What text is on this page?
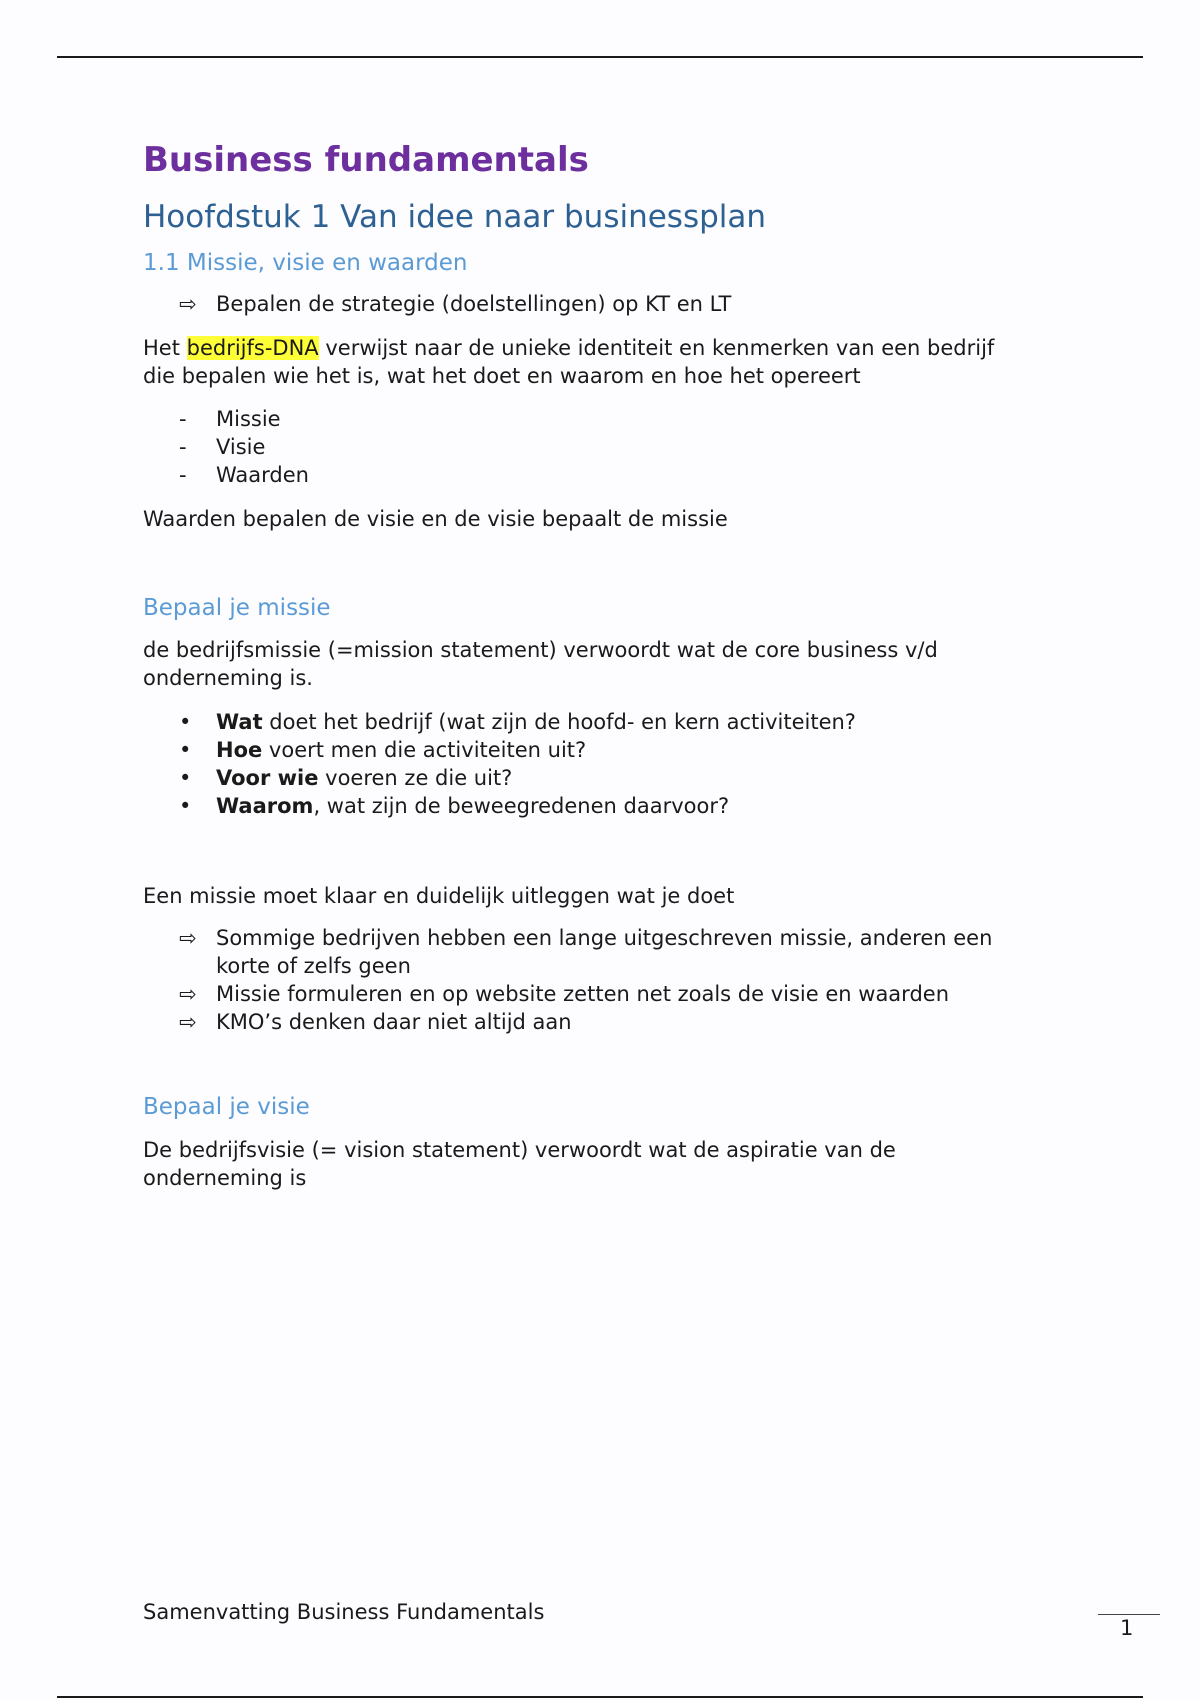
Business fundamentals
Hoofdstuk 1 Van idee naar businessplan
1.1 Missie, visie en waarden
⇨ Bepalen de strategie (doelstellingen) op KT en LT

Het bedrijfs-DNA verwijst naar de unieke identiteit en kenmerken van een bedrijf
die bepalen wie het is, wat het doet en waarom en hoe het opereert

-	Missie
-	Visie
-	Waarden

Waarden bepalen de visie en de visie bepaalt de missie

Bepaal je missie

de bedrijfsmissie (=mission statement) verwoordt wat de core business v/d
onderneming is.

•	Wat doet het bedrijf (wat zijn de hoofd- en kern activiteiten?
•	Hoe voert men die activiteiten uit?
•	Voor wie voeren ze die uit?
•	Waarom, wat zijn de beweegredenen daarvoor?

Een missie moet klaar en duidelijk uitleggen wat je doet

⇨ Sommige bedrijven hebben een lange uitgeschreven missie, anderen een
korte of zelfs geen
⇨ Missie formuleren en op website zetten net zoals de visie en waarden
⇨ KMO’s denken daar niet altijd aan
Bepaal je visie

De bedrijfsvisie (= vision statement) verwoordt wat de aspiratie van de
onderneming is

Samenvatting Business Fundamentals
1
